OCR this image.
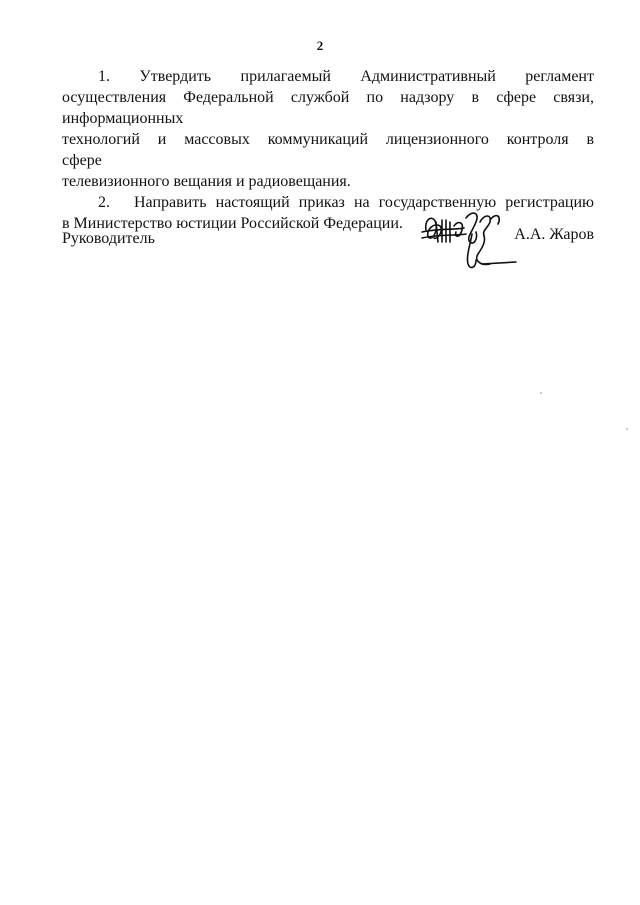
2
1. Утвердить прилагаемый Административный регламент
осуществления Федеральной службой по надзору в сфере связи, информационных
технологий и массовых коммуникаций лицензионного контроля в сфере
телевизионного вещания и радиовещания.
2.	Направить настоящий приказ на государственную регистрацию
в Министерство юстиции Российской Федерации.
Руководитель	А.А. Жаров
